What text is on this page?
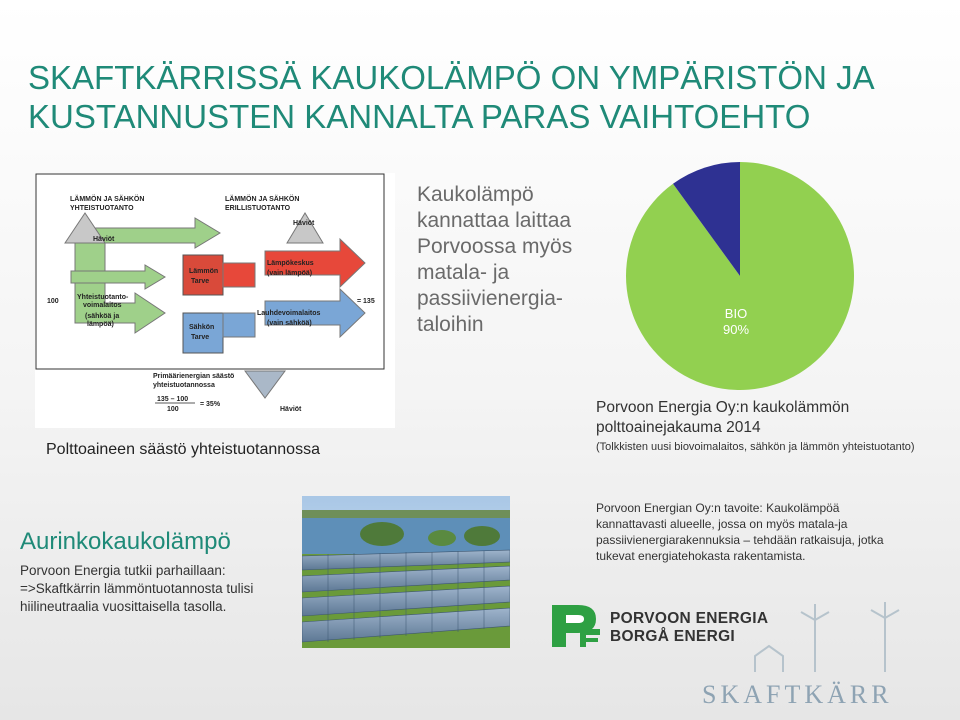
SKAFTKÄRRISSÄ KAUKOLÄMPÖ ON YMPÄRISTÖN JA KUSTANNUSTEN KANNALTA PARAS VAIHTOEHTO
LÄMMÖN JA SÄHKÖN
YHTEISTUOTANTO
LÄMMÖN JA SÄHKÖN
ERILLISTUOTANTO
Häviöt
Häviöt
Häviöt
Yhteistuotanto-
voimalaitos
(sähköä ja
lämpöä)
Lämmön
Tarve
Sähkön
Tarve
Lämpökeskus
(vain lämpöä)
Lauhdevoimalaitos
(vain sähköä)
100	= 135
Primäärienergian säästö
yhteistuotannossa
135 – 100
100
= 35%
Polttoaineen säästö yhteistuotannossa
Kaukolämpö kannattaa laittaa Porvoossa myös matala- ja passiivienergia-taloihin	BIO
90%
Porvoon Energia Oy:n kaukolämmön polttoainejakauma 2014
(Tolkkisten uusi biovoimalaitos, sähkön ja lämmön yhteistuotanto)
Aurinkokaukolämpö
Porvoon Energia tutkii parhaillaan:
=>Skaftkärrin lämmöntuotannosta tulisi hiilineutraalia vuosittaisella tasolla.
Porvoon Energian Oy:n tavoite: Kaukolämpöä kannattavasti alueelle, jossa on myös matala-ja passiivienergiarakennuksia – tehdään ratkaisuja, jotka tukevat energiatehokasta rakentamista.
PORVOON ENERGIA
BORGÅ ENERGI
SKAFTKÄRR
